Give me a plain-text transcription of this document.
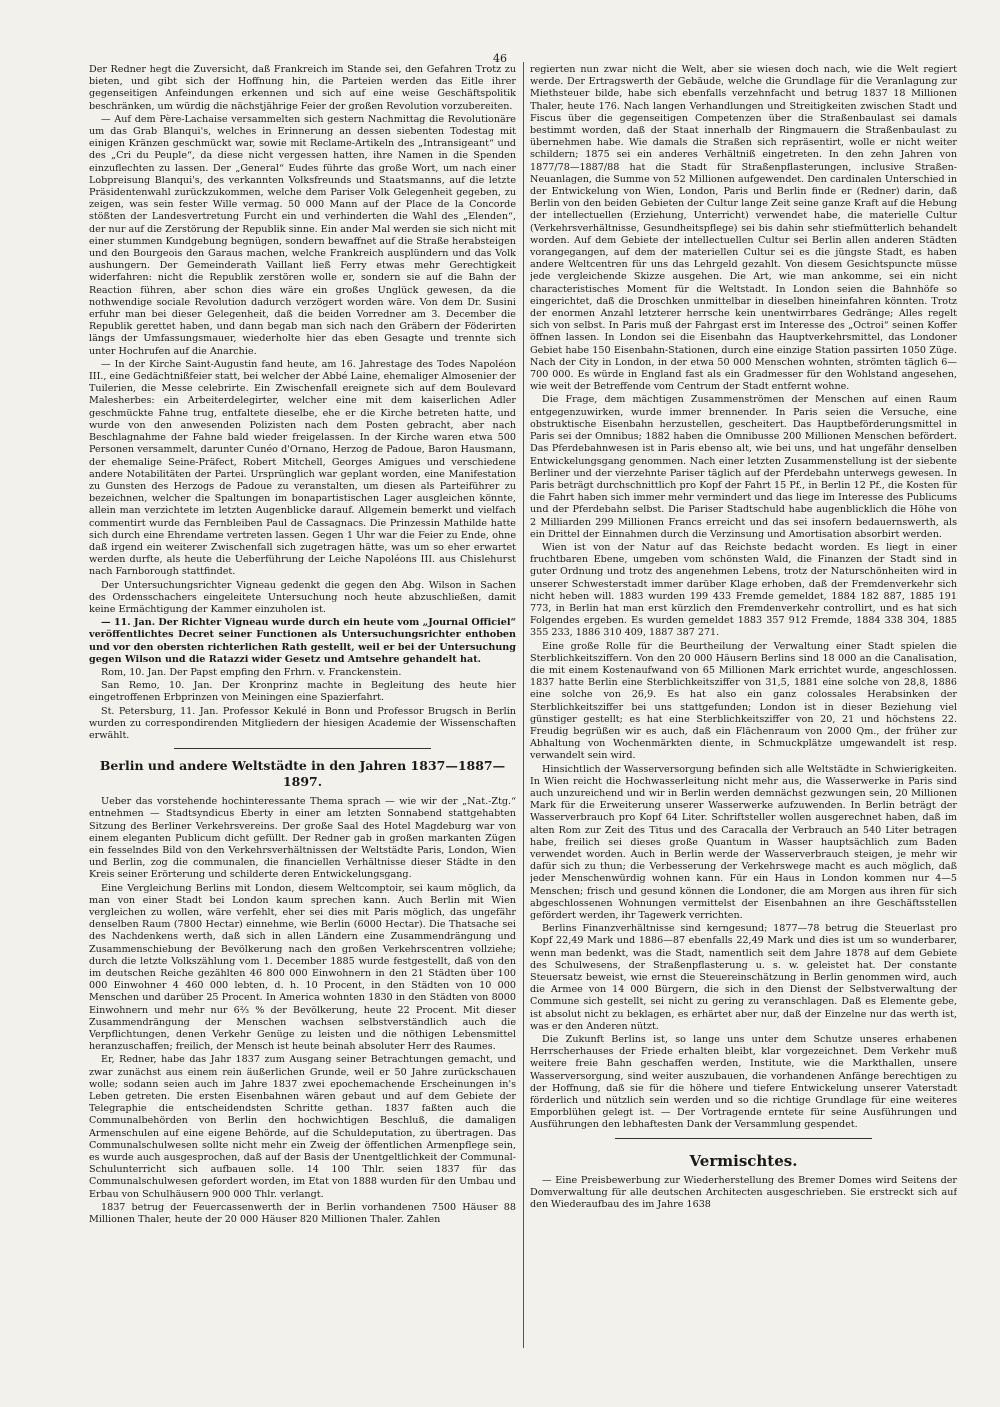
46

Der Redner hegt die Zuversicht, daß Frankreich im Stande sei, den Gefahren Trotz zu bieten, und gibt sich der Hoffnung hin, die Parteien werden das Eitle ihrer gegenseitigen Anfeindungen erkennen und sich auf eine weise Geschäftspolitik beschränken, um würdig die nächstjährige Feier der großen Revolution vorzubereiten.

— Auf dem Père-Lachaise versammelten sich gestern Nachmittag die Revolutionäre um das Grab Blanqui's, welches in Erinnerung an dessen siebenten Todestag mit einigen Kränzen geschmückt war, sowie mit Reclame-Artikeln des „Intransigeant“ und des „Cri du Peuple“, da diese nicht vergessen hatten, ihre Namen in die Spenden einzuflechten zu lassen. Der „General“ Eudes führte das große Wort, um nach einer Lobpreisung Blanqui's, des verkannten Volksfreunds und Staatsmanns, auf die letzte Präsidentenwahl zurückzukommen, welche dem Pariser Volk Gelegenheit gegeben, zu zeigen, was sein fester Wille vermag. 50 000 Mann auf der Place de la Concorde stößten der Landesvertretung Furcht ein und verhinderten die Wahl des „Elenden“, der nur auf die Zerstörung der Republik sinne. Ein ander Mal werden sie sich nicht mit einer stummen Kundgebung begnügen, sondern bewaffnet auf die Straße herabsteigen und den Bourgeois den Garaus machen, welche Frankreich ausplündern und das Volk aushungern. Der Gemeinderath Vaillant ließ Ferry etwas mehr Gerechtigkeit widerfahren: nicht die Republik zerstören wolle er, sondern sie auf die Bahn der Reaction führen, aber schon dies wäre ein großes Unglück gewesen, da die nothwendige sociale Revolution dadurch verzögert worden wäre. Von dem Dr. Susini erfuhr man bei dieser Gelegenheit, daß die beiden Vorredner am 3. December die Republik gerettet haben, und dann begab man sich nach den Gräbern der Föderirten längs der Umfassungsmauer, wiederholte hier das eben Gesagte und trennte sich unter Hochrufen auf die Anarchie.

— In der Kirche Saint-Augustin fand heute, am 16. Jahrestage des Todes Napoléon III., eine Gedächtnißfeier statt, bei welcher der Abbé Laine, ehemaliger Almosenier der Tuilerien, die Messe celebrirte. Ein Zwischenfall ereignete sich auf dem Boulevard Malesherbes: ein Arbeiterdelegirter, welcher eine mit dem kaiserlichen Adler geschmückte Fahne trug, entfaltete dieselbe, ehe er die Kirche betreten hatte, und wurde von den anwesenden Polizisten nach dem Posten gebracht, aber nach Beschlagnahme der Fahne bald wieder freigelassen. In der Kirche waren etwa 500 Personen versammelt, darunter Cunéo d'Ornano, Herzog de Padoue, Baron Hausmann, der ehemalige Seine-Präfect, Robert Mitchell, Georges Amigues und verschiedene andere Notabilitäten der Partei. Ursprünglich war geplant worden, eine Manifestation zu Gunsten des Herzogs de Padoue zu veranstalten, um diesen als Parteiführer zu bezeichnen, welcher die Spaltungen im bonapartistischen Lager ausgleichen könnte, allein man verzichtete im letzten Augenblicke darauf. Allgemein bemerkt und vielfach commentirt wurde das Fernbleiben Paul de Cassagnacs. Die Prinzessin Mathilde hatte sich durch eine Ehrendame vertreten lassen. Gegen 1 Uhr war die Feier zu Ende, ohne daß irgend ein weiterer Zwischenfall sich zugetragen hätte, was um so eher erwartet werden durfte, als heute die Ueberführung der Leiche Napoléons III. aus Chislehurst nach Farnborough stattfindet.

Der Untersuchungsrichter Vigneau gedenkt die gegen den Abg. Wilson in Sachen des Ordensschachers eingeleitete Untersuchung noch heute abzuschließen, damit keine Ermächtigung der Kammer einzuholen ist.

— 11. Jan. Der Richter Vigneau wurde durch ein heute vom „Journal Officiel“ veröffentlichtes Decret seiner Functionen als Untersuchungsrichter enthoben und vor den obersten richterlichen Rath gestellt, weil er bei der Untersuchung gegen Wilson und die Ratazzi wider Gesetz und Amtsehre gehandelt hat.

Rom, 10. Jan. Der Papst empfing den Frhrn. v. Franckenstein.

San Remo, 10. Jan. Der Kronprinz machte in Begleitung des heute hier eingetroffenen Erbprinzen von Meiningen eine Spazierfahrt.

St. Petersburg, 11. Jan. Professor Kekulé in Bonn und Professor Brugsch in Berlin wurden zu correspondirenden Mitgliedern der hiesigen Academie der Wissenschaften erwählt.

Berlin und andere Weltstädte in den Jahren 1837—1887—1897.

Ueber das vorstehende hochinteressante Thema sprach — wie wir der „Nat.-Ztg.“ entnehmen — Stadtsyndicus Eberty in einer am letzten Sonnabend stattgehabten Sitzung des Berliner Verkehrsvereins. Der große Saal des Hotel Magdeburg war von einem eleganten Publicum dicht gefüllt. Der Redner gab in großen markanten Zügen ein fesselndes Bild von den Verkehrsverhältnissen der Weltstädte Paris, London, Wien und Berlin, zog die communalen, die financiellen Verhältnisse dieser Städte in den Kreis seiner Erörterung und schilderte deren Entwickelungsgang.

Eine Vergleichung Berlins mit London, diesem Weltcomptoir, sei kaum möglich, da man von einer Stadt bei London kaum sprechen kann. Auch Berlin mit Wien vergleichen zu wollen, wäre verfehlt, eher sei dies mit Paris möglich, das ungefähr denselben Raum (7800 Hectar) einnehme, wie Berlin (6000 Hectar). Die Thatsache sei des Nachdenkens werth, daß sich in allen Ländern eine Zusammendrängung und Zusammenschiebung der Bevölkerung nach den großen Verkehrscentren vollziehe; durch die letzte Volkszählung vom 1. December 1885 wurde festgestellt, daß von den im deutschen Reiche gezählten 46 800 000 Einwohnern in den 21 Städten über 100 000 Einwohner 4 460 000 lebten, d. h. 10 Procent, in den Städten von 10 000 Menschen und darüber 25 Procent. In America wohnten 1830 in den Städten von 8000 Einwohnern und mehr nur 6⅔ % der Bevölkerung, heute 22 Procent. Mit dieser Zusammendrängung der Menschen wachsen selbstverständlich auch die Verpflichtungen, denen Verkehr Genüge zu leisten und die nöthigen Lebensmittel heranzuschaffen; freilich, der Mensch ist heute beinah absoluter Herr des Raumes.

Er, Redner, habe das Jahr 1837 zum Ausgang seiner Betrachtungen gemacht, und zwar zunächst aus einem rein äußerlichen Grunde, weil er 50 Jahre zurückschauen wolle; sodann seien auch im Jahre 1837 zwei epochemachende Erscheinungen in's Leben getreten. Die ersten Eisenbahnen wären gebaut und auf dem Gebiete der Telegraphie die entscheidendsten Schritte gethan. 1837 faßten auch die Communalbehörden von Berlin den hochwichtigen Beschluß, die damaligen Armenschulen auf eine eigene Behörde, auf die Schuldeputation, zu übertragen. Das Communalschulwesen sollte nicht mehr ein Zweig der öffentlichen Armenpflege sein, es wurde auch ausgesprochen, daß auf der Basis der Unentgeltlichkeit der Communal-Schulunterricht sich aufbauen solle. 14 100 Thlr. seien 1837 für das Communalschulwesen gefordert worden, im Etat von 1888 wurden für den Umbau und Erbau von Schulhäusern 900 000 Thlr. verlangt.

1837 betrug der Feuercassenwerth der in Berlin vorhandenen 7500 Häuser 88 Millionen Thaler, heute der 20 000 Häuser 820 Millionen Thaler. Zahlen

regierten nun zwar nicht die Welt, aber sie wiesen doch nach, wie die Welt regiert werde. Der Ertragswerth der Gebäude, welche die Grundlage für die Veranlagung zur Miethsteuer bilde, habe sich ebenfalls verzehnfacht und betrug 1837 18 Millionen Thaler, heute 176. Nach langen Verhandlungen und Streitigkeiten zwischen Stadt und Fiscus über die gegenseitigen Competenzen über die Straßenbaulast sei damals bestimmt worden, daß der Staat innerhalb der Ringmauern die Straßenbaulast zu übernehmen habe. Wie damals die Straßen sich repräsentirt, wolle er nicht weiter schildern; 1875 sei ein anderes Verhältniß eingetreten. In den zehn Jahren von 1877/78—1887/88 hat die Stadt für Straßenpflasterungen, inclusive Straßen-Neuanlagen, die Summe von 52 Millionen aufgewendet. Den cardinalen Unterschied in der Entwickelung von Wien, London, Paris und Berlin finde er (Redner) darin, daß Berlin von den beiden Gebieten der Cultur lange Zeit seine ganze Kraft auf die Hebung der intellectuellen (Erziehung, Unterricht) verwendet habe, die materielle Cultur (Verkehrsverhältnisse, Gesundheitspflege) sei bis dahin sehr stiefmütterlich behandelt worden. Auf dem Gebiete der intellectuellen Cultur sei Berlin allen anderen Städten vorangegangen, auf dem der materiellen Cultur sei es die jüngste Stadt, es haben andere Weltcentren für uns das Lehrgeld gezahlt. Von diesem Gesichtspuncte müsse jede vergleichende Skizze ausgehen. Die Art, wie man ankomme, sei ein nicht characteristisches Moment für die Weltstadt. In London seien die Bahnhöfe so eingerichtet, daß die Droschken unmittelbar in dieselben hineinfahren könnten. Trotz der enormen Anzahl letzterer herrsche kein unentwirrbares Gedränge; Alles regelt sich von selbst. In Paris muß der Fahrgast erst im Interesse des „Octroi“ seinen Koffer öffnen lassen. In London sei die Eisenbahn das Hauptverkehrsmittel, das Londoner Gebiet habe 150 Eisenbahn-Stationen, durch eine einzige Station passirten 1050 Züge. Nach der City in London, in der etwa 50 000 Menschen wohnten, strömten täglich 6—700 000. Es würde in England fast als ein Gradmesser für den Wohlstand angesehen, wie weit der Betreffende vom Centrum der Stadt entfernt wohne.

Die Frage, dem mächtigen Zusammenströmen der Menschen auf einen Raum entgegenzuwirken, wurde immer brennender. In Paris seien die Versuche, eine obstruktische Eisenbahn herzustellen, gescheitert. Das Hauptbeförderungsmittel in Paris sei der Omnibus; 1882 haben die Omnibusse 200 Millionen Menschen befördert. Das Pferdebahnwesen ist in Paris ebenso alt, wie bei uns, und hat ungefähr denselben Entwickelungsgang genommen. Nach einer letzten Zusammenstellung ist der siebente Berliner und der vierzehnte Pariser täglich auf der Pferdebahn unterwegs gewesen. In Paris beträgt durchschnittlich pro Kopf der Fahrt 15 Pf., in Berlin 12 Pf., die Kosten für die Fahrt haben sich immer mehr vermindert und das liege im Interesse des Publicums und der Pferdebahn selbst. Die Pariser Stadtschuld habe augenblicklich die Höhe von 2 Milliarden 299 Millionen Francs erreicht und das sei insofern bedauernswerth, als ein Drittel der Einnahmen durch die Verzinsung und Amortisation absorbirt werden.

Wien ist von der Natur auf das Reichste bedacht worden. Es liegt in einer fruchtbaren Ebene, umgeben vom schönsten Wald, die Finanzen der Stadt sind in guter Ordnung und trotz des angenehmen Lebens, trotz der Naturschönheiten wird in unserer Schwesterstadt immer darüber Klage erhoben, daß der Fremdenverkehr sich nicht heben will. 1883 wurden 199 433 Fremde gemeldet, 1884 182 887, 1885 191 773, in Berlin hat man erst kürzlich den Fremdenverkehr controllirt, und es hat sich Folgendes ergeben. Es wurden gemeldet 1883 357 912 Fremde, 1884 338 304, 1885 355 233, 1886 310 409, 1887 387 271.

Eine große Rolle für die Beurtheilung der Verwaltung einer Stadt spielen die Sterblichkeitsziffern. Von den 20 000 Häusern Berlins sind 18 000 an die Canalisation, die mit einem Kostenaufwand von 65 Millionen Mark errichtet wurde, angeschlossen. 1837 hatte Berlin eine Sterblichkeitsziffer von 31,5, 1881 eine solche von 28,8, 1886 eine solche von 26,9. Es hat also ein ganz colossales Herabsinken der Sterblichkeitsziffer bei uns stattgefunden; London ist in dieser Beziehung viel günstiger gestellt; es hat eine Sterblichkeitsziffer von 20, 21 und höchstens 22. Freudig begrüßen wir es auch, daß ein Flächenraum von 2000 Qm., der früher zur Abhaltung von Wochenmärkten diente, in Schmuckplätze umgewandelt ist resp. verwandelt sein wird.

Hinsichtlich der Wasserversorgung befinden sich alle Weltstädte in Schwierigkeiten. In Wien reicht die Hochwasserleitung nicht mehr aus, die Wasserwerke in Paris sind auch unzureichend und wir in Berlin werden demnächst gezwungen sein, 20 Millionen Mark für die Erweiterung unserer Wasserwerke aufzuwenden. In Berlin beträgt der Wasserverbrauch pro Kopf 64 Liter. Schriftsteller wollen ausgerechnet haben, daß im alten Rom zur Zeit des Titus und des Caracalla der Verbrauch an 540 Liter betragen habe, freilich sei dieses große Quantum in Wasser hauptsächlich zum Baden verwendet worden. Auch in Berlin werde der Wasserverbrauch steigen, je mehr wir dafür sich zu thun; die Verbesserung der Verkehrswege macht es auch möglich, daß jeder Menschenwürdig wohnen kann. Für ein Haus in London kommen nur 4—5 Menschen; frisch und gesund können die Londoner, die am Morgen aus ihren für sich abgeschlossenen Wohnungen vermittelst der Eisenbahnen an ihre Geschäftsstellen gefördert werden, ihr Tagewerk verrichten.

Berlins Finanzverhältnisse sind kerngesund; 1877—78 betrug die Steuerlast pro Kopf 22,49 Mark und 1886—87 ebenfalls 22,49 Mark und dies ist um so wunderbarer, wenn man bedenkt, was die Stadt, namentlich seit dem Jahre 1878 auf dem Gebiete des Schulwesens, der Straßenpflasterung u. s. w. geleistet hat. Der constante Steuersatz beweist, wie ernst die Steuereinschätzung in Berlin genommen wird, auch die Armee von 14 000 Bürgern, die sich in den Dienst der Selbstverwaltung der Commune sich gestellt, sei nicht zu gering zu veranschlagen. Daß es Elemente gebe, ist absolut nicht zu beklagen, es erhärtet aber nur, daß der Einzelne nur das werth ist, was er den Anderen nützt.

Die Zukunft Berlins ist, so lange uns unter dem Schutze unseres erhabenen Herrscherhauses der Friede erhalten bleibt, klar vorgezeichnet. Dem Verkehr muß weitere freie Bahn geschaffen werden, Institute, wie die Markthallen, unsere Wasserversorgung, sind weiter auszubauen, die vorhandenen Anfänge berechtigen zu der Hoffnung, daß sie für die höhere und tiefere Entwickelung unserer Vaterstadt förderlich und nützlich sein werden und so die richtige Grundlage für eine weiteres Emporblühen gelegt ist. — Der Vortragende erntete für seine Ausführungen und Ausführungen den lebhaftesten Dank der Versammlung gespendet.

Vermischtes.

— Eine Preisbewerbung zur Wiederherstellung des Bremer Domes wird Seitens der Domverwaltung für alle deutschen Architecten ausgeschrieben. Sie erstreckt sich auf den Wiederaufbau des im Jahre 1638
